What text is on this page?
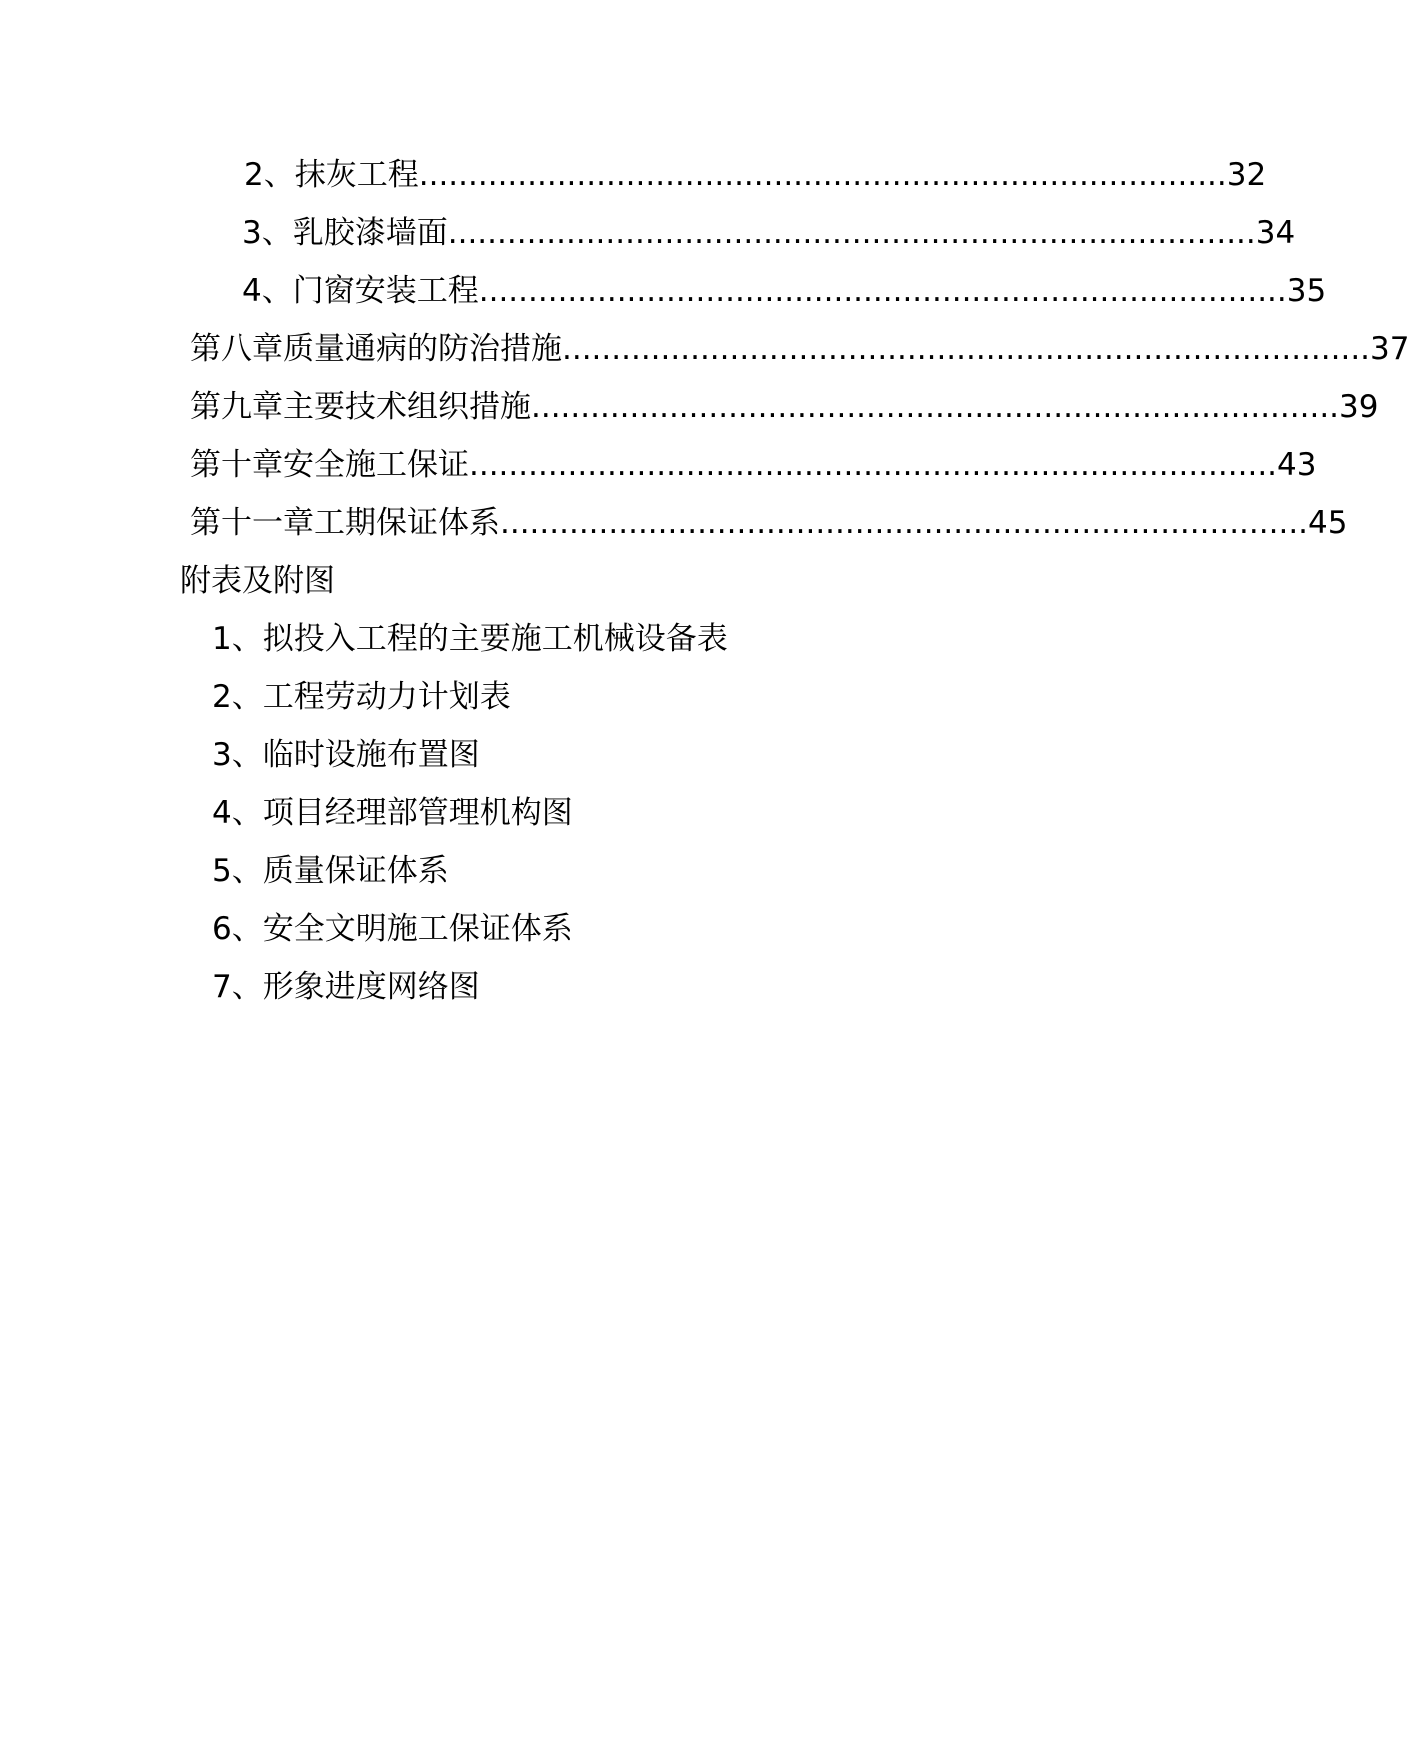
2、 抹灰工程 .................................................................................. 32
3、 乳胶漆墙面 .................................................................................. 34
4、 门窗安装工程 .................................................................................. 35
第八章 质量通病的防治措施 .................................................................................. 37
第九章 主要技术组织措施 .................................................................................. 39
第十章 安全施工保证 .................................................................................. 43
第十一章 工期保证体系 .................................................................................. 45
附表及附图
1、拟投入工程的主要施工机械设备表
2、工程劳动力计划表
3、临时设施布置图
4、项目经理部管理机构图
5、质量保证体系
6、安全文明施工保证体系
7、形象进度网络图
